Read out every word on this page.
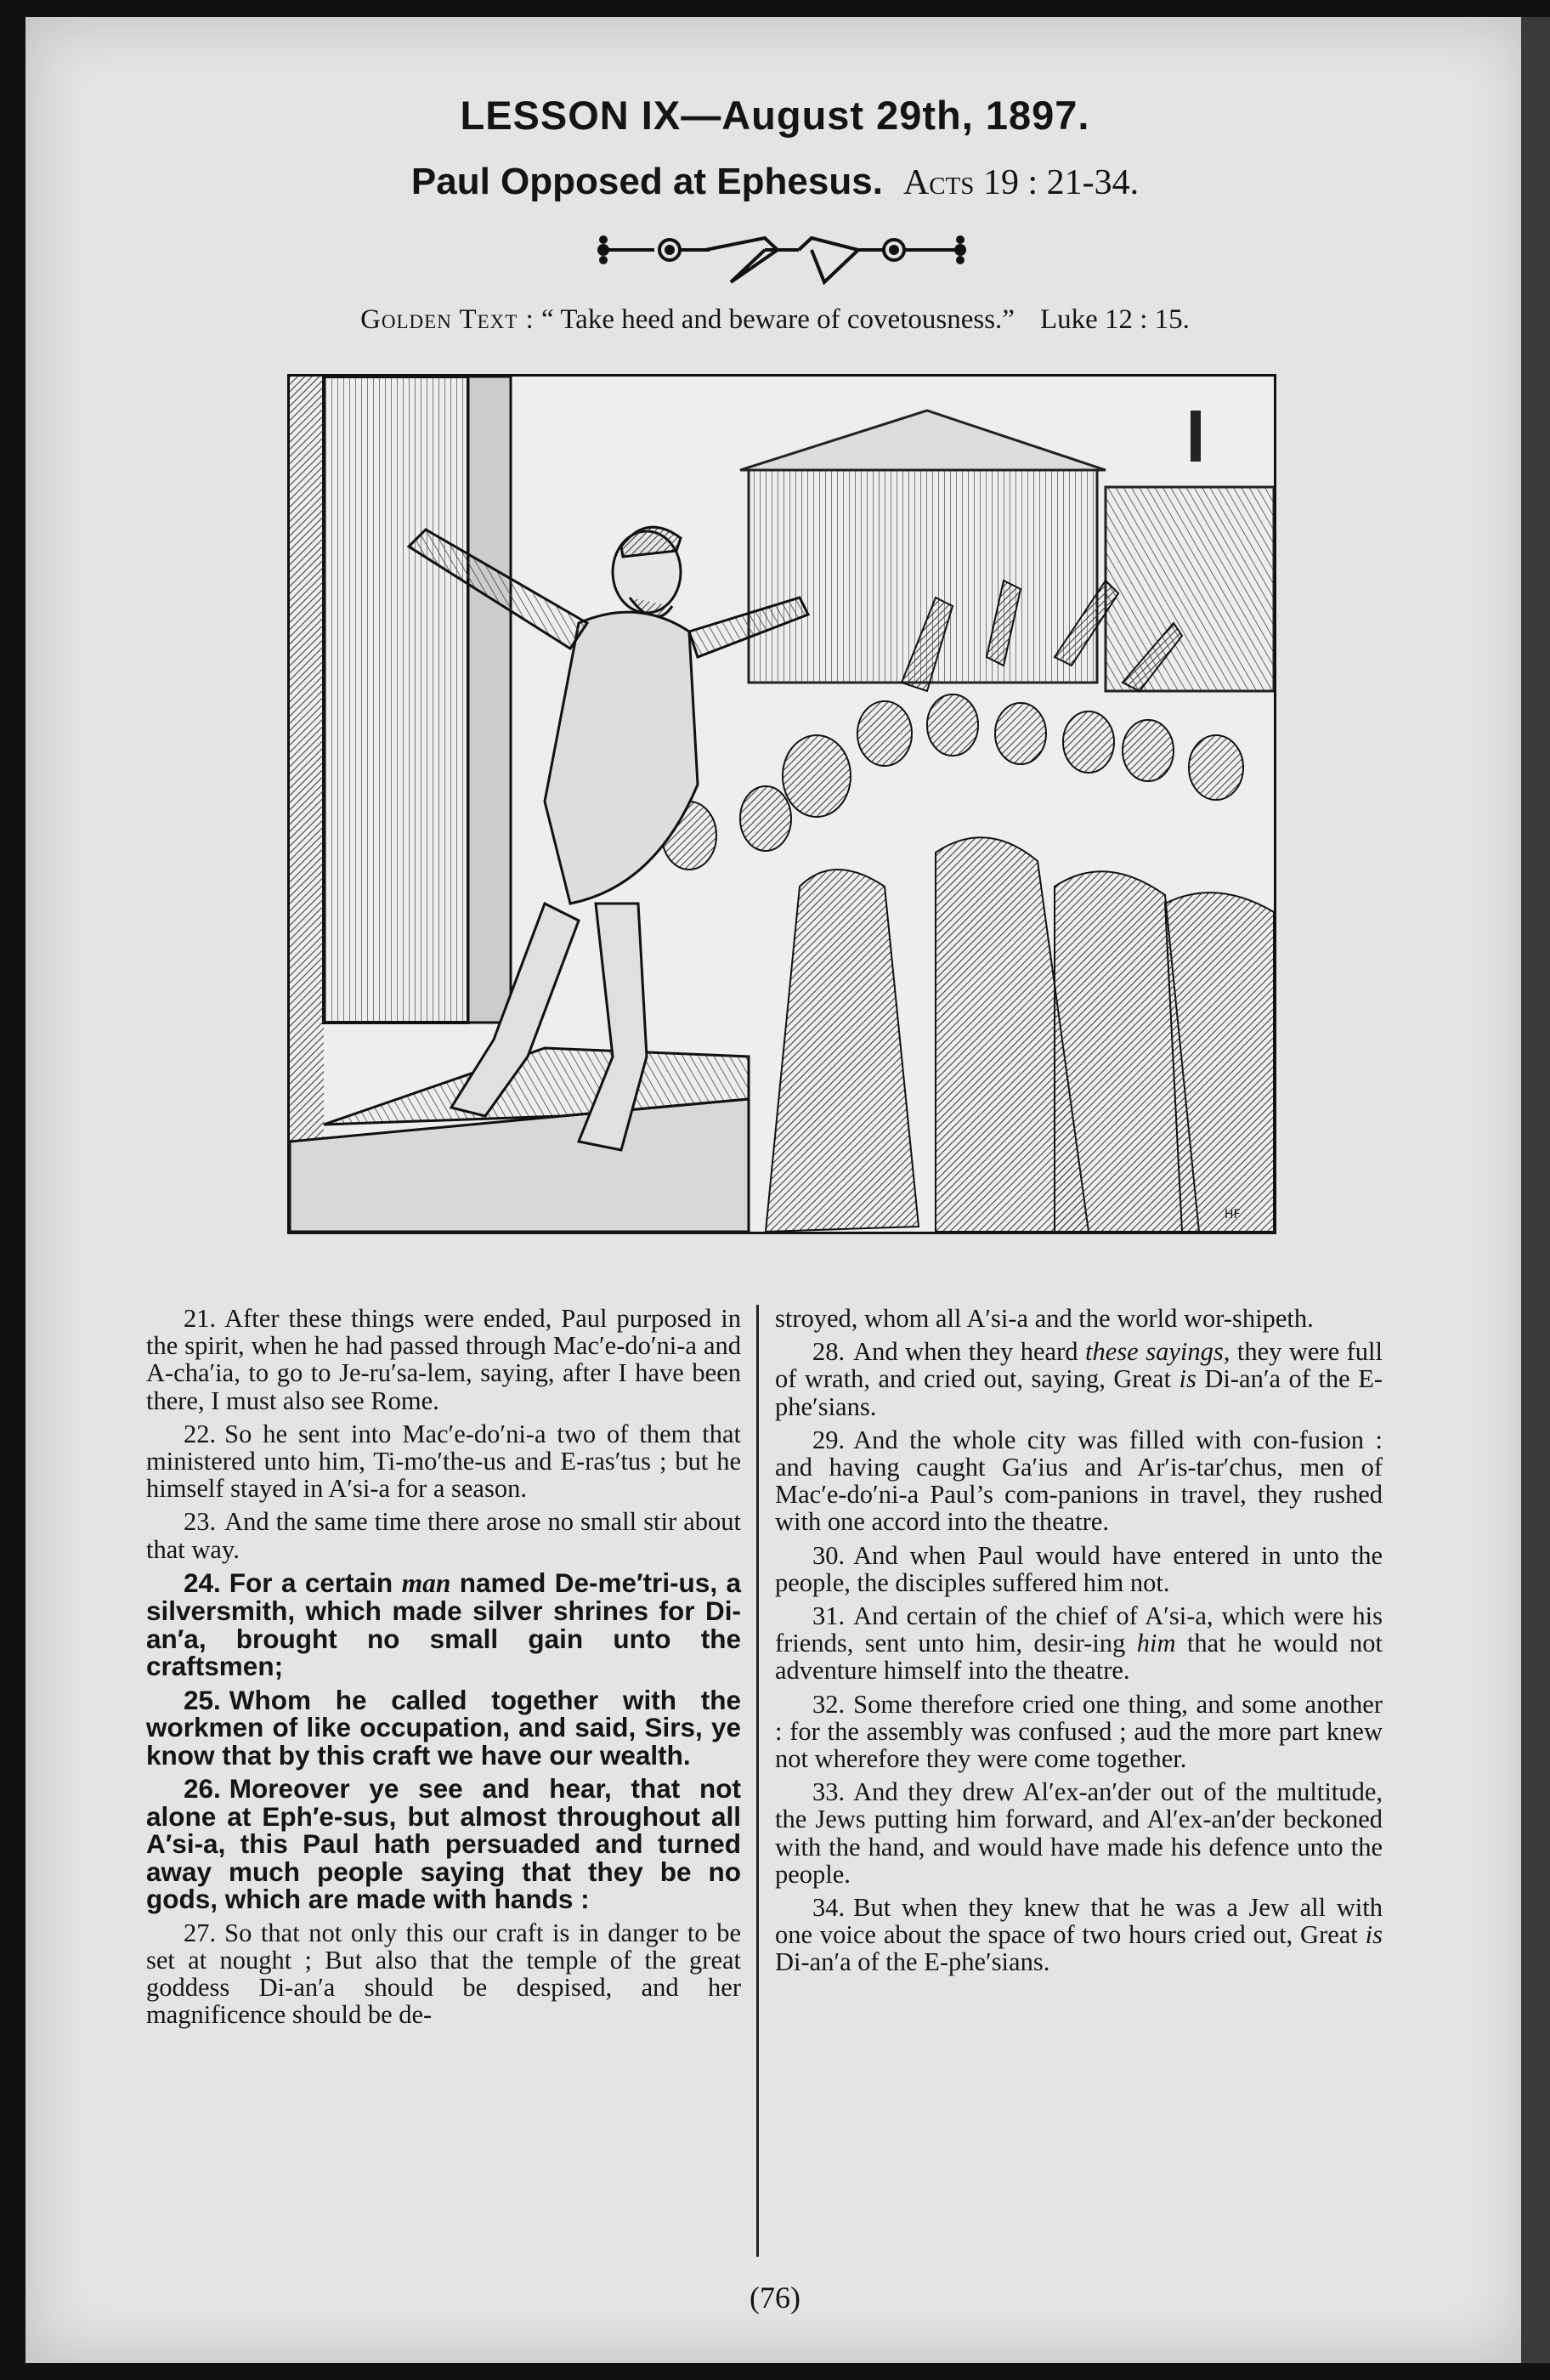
LESSON IX—August 29th, 1897.
Paul Opposed at Ephesus. Acts 19 : 21-34.
Golden Text : “ Take heed and beware of covetousness.” Luke 12 : 15.
HF

21. After these things were ended, Paul purposed in the spirit, when he had passed through Mac′e-do′ni-a and A-cha′ia, to go to Je-ru′sa-lem, saying, after I have been there, I must also see Rome.

22. So he sent into Mac′e-do′ni-a two of them that ministered unto him, Ti-mo′the-us and E-ras′tus ; but he himself stayed in A′si-a for a season.

23. And the same time there arose no small stir about that way.

24. For a certain man named De-me′tri-us, a silversmith, which made silver shrines for Di-an′a, brought no small gain unto the craftsmen;

25. Whom he called together with the workmen of like occupation, and said, Sirs, ye know that by this craft we have our wealth.

26. Moreover ye see and hear, that not alone at Eph′e-sus, but almost throughout all A′si-a, this Paul hath persuaded and turned away much people saying that they be no gods, which are made with hands :

27. So that not only this our craft is in danger to be set at nought ; But also that the temple of the great goddess Di-an′a should be despised, and her magnificence should be de-

stroyed, whom all A′si-a and the world wor-shipeth.

28. And when they heard these sayings, they were full of wrath, and cried out, saying, Great is Di-an′a of the E-phe′sians.

29. And the whole city was filled with con-fusion : and having caught Ga′ius and Ar′is-tar′chus, men of Mac′e-do′ni-a Paul’s com-panions in travel, they rushed with one accord into the theatre.

30. And when Paul would have entered in unto the people, the disciples suffered him not.

31. And certain of the chief of A′si-a, which were his friends, sent unto him, desir-ing him that he would not adventure himself into the theatre.

32. Some therefore cried one thing, and some another : for the assembly was confused ; aud the more part knew not wherefore they were come together.

33. And they drew Al′ex-an′der out of the multitude, the Jews putting him forward, and Al′ex-an′der beckoned with the hand, and would have made his defence unto the people.

34. But when they knew that he was a Jew all with one voice about the space of two hours cried out, Great is Di-an′a of the E-phe′sians.

(76)
